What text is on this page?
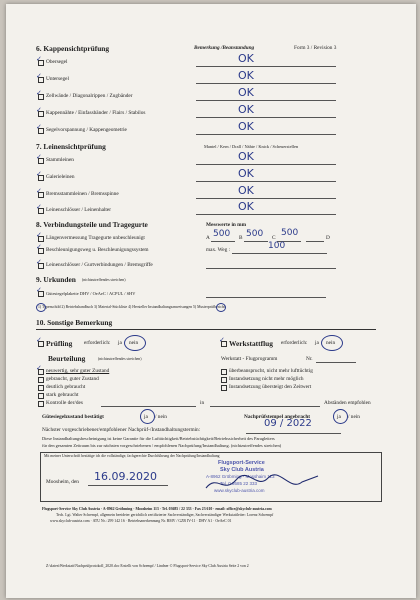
6. Kappensichtprüfung	Bemerkung /Beanstandung	Form 3 / Revision 3
✓ Obersegel	OK
✓ Untersegel	OK
✓ Zellwände / Diagonalrippen / Zugbänder	OK
✓ Kappennähte / Einfassbänder / Flairs / Stabilos	OK
✓ Segelvorspannung / Kappengeometrie	OK
7. Leinensichtprüfung	Mantel / Kern / Drall / Nähte / Knick / Scheuerstellen
✓ Stammleinen	OK
✓ Galerieleinen	OK
✓ Bremsstammleinen / Bremsspinne	OK
✓ Leinenschlösser / Leinenhalter	OK
8. Verbindungsteile und Tragegurte	Messwerte in mm
✓ Längenvermessung Tragegurte unbeschleunigt	A 500 B 500 C 500	D
✓ Beschleunigungsweg u. Beschleunigungssystem	max. Weg :	100
✓ Leinenschlösser / Gurtverbindungen / Bremsgriffe
9. Urkunden (nichtzutreffendes streichen)
✓ Gütesiegelplakette DHV / OeAeC / ACPUL / SHV
1) Typenschild 2) Betriebshandbuch 3) Material-Stückliste 4) Hersteller Instandhaltungsanweisungen 5) Musterprüfbericht
10. Sonstige Bemerkung
✓ Prüfling erforderlich: ja nein	✓ Werkstattflug erforderlich: ja nein
Beurteilung	(nichtzutreffendes streichen)	Werkstatt - Flugprogramm	Nr.
✓ neuwertig, sehr guter Zustand
gebraucht, guter Zustand
deutlich gebraucht
stark gebraucht
Kontrolle der/des	in	Abständen empfohlen
überbeansprucht, nicht mehr lufttüchtig
Instandsetzung nicht mehr möglich
Instandsetzung übersteigt den Zeitwert
Gütesiegelzustand bestätigt	ja / nein	Nachprüfstempel angebracht	ja / nein
Nächster vorgeschriebener/empfohlener Nachprüf-/Instandhaltungstermin:
09 / 2022
Diese Instandhaltungsbescheinigung ist keine Garantie für die Lufttüchtigkeit/Betriebstüchtigkeit/Betriebssicherheit des Paragleiters
für den gesamten Zeitraum bis zur nächsten vorgeschriebenen / empfohlenen Nachprüfung/Instandhaltung. (nichtzutreffendes streichen)
Mit meiner Unterschrift bestätige ich die vollständige, fachgerechte Durchführung der Nachprüfung/Instandhaltung
Moosheim, den 16.09.2020
Flugsport-Service
Sky Club Austria
A-8962 Gröbming - Mosshaim 113
Tel. 0 3685 22 333
www.skyclub-austria.com
Flugsport-Service Sky Club Austria · A-8962 Gröbming · Moosheim 113 · Tel. 03685 / 22 333 · Fax 23 610 · email: office@skyclub-austria.com
Tech. Lgt. Walter Schrempf, allgemein beeideter gerichtlich zertifizierter Sachverständiger, Sachverständiger Werkstattleiter: Lorenz Schrempf
www.skyclub-austria.com · ATU Nr.: 299 142 16 · Betriebsanerkennung Nr. BMV / GZB IV-11 · DHV A1 · OeAeC 01
Z:\daten\Werkstatt\Nachprüfprotokoll_2020.doc Erstellt von Schrempf / Lindner © Flugsport-Service Sky Club Austria Seite 2 von 2
